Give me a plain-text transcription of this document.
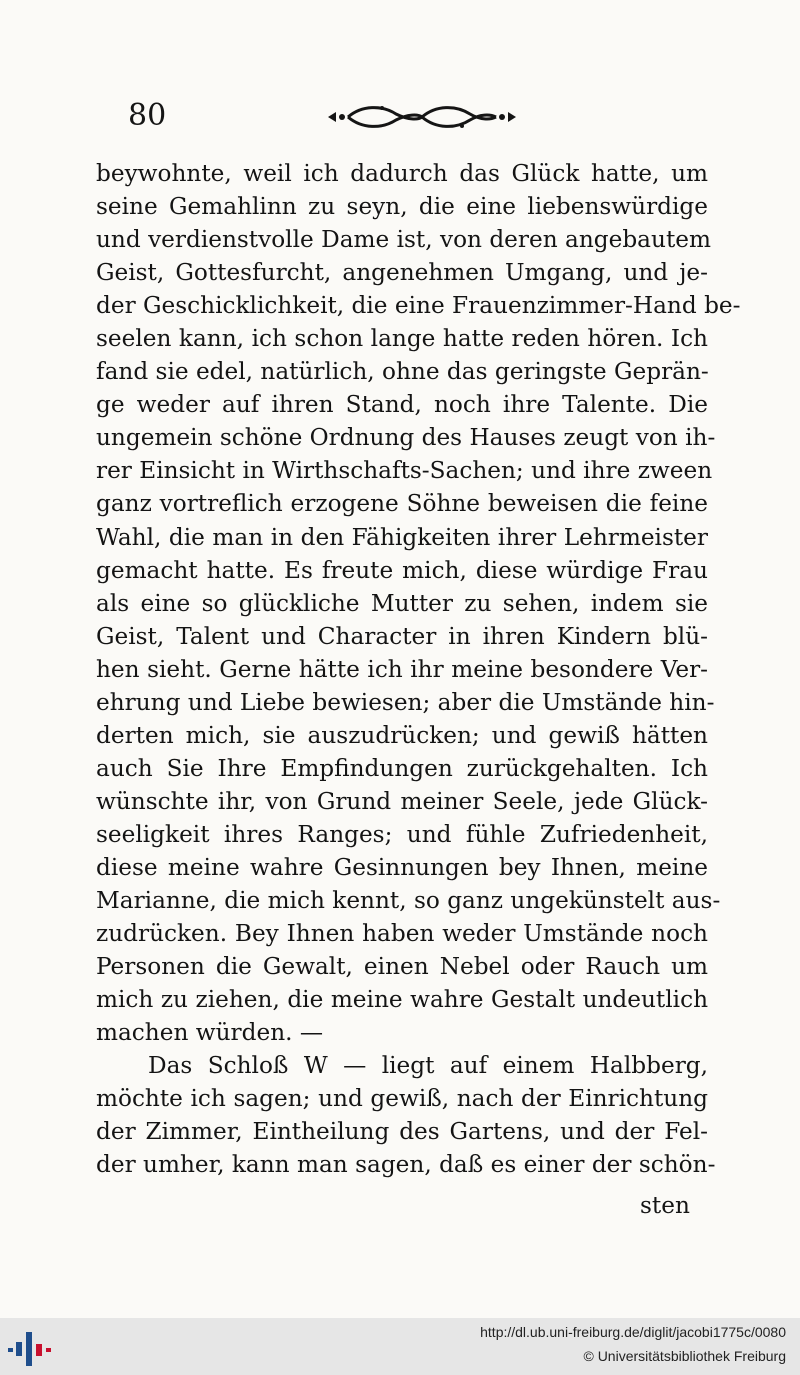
80
beywohnte, weil ich dadurch das Glück hatte, um
seine Gemahlinn zu seyn, die eine liebenswürdige
und verdienstvolle Dame ist, von deren angebautem
Geist, Gottesfurcht, angenehmen Umgang, und je-
der Geschicklichkeit, die eine Frauenzimmer-Hand be-
seelen kann, ich schon lange hatte reden hören. Ich
fand sie edel, natürlich, ohne das geringste Geprän-
ge weder auf ihren Stand, noch ihre Talente. Die
ungemein schöne Ordnung des Hauses zeugt von ih-
rer Einsicht in Wirthschafts-Sachen; und ihre zween
ganz vortreflich erzogene Söhne beweisen die feine
Wahl, die man in den Fähigkeiten ihrer Lehrmeister
gemacht hatte. Es freute mich, diese würdige Frau
als eine so glückliche Mutter zu sehen, indem sie
Geist, Talent und Character in ihren Kindern blü-
hen sieht. Gerne hätte ich ihr meine besondere Ver-
ehrung und Liebe bewiesen; aber die Umstände hin-
derten mich, sie auszudrücken; und gewiß hätten
auch Sie Ihre Empfindungen zurückgehalten. Ich
wünschte ihr, von Grund meiner Seele, jede Glück-
seeligkeit ihres Ranges; und fühle Zufriedenheit,
diese meine wahre Gesinnungen bey Ihnen, meine
Marianne, die mich kennt, so ganz ungekünstelt aus-
zudrücken. Bey Ihnen haben weder Umstände noch
Personen die Gewalt, einen Nebel oder Rauch um
mich zu ziehen, die meine wahre Gestalt undeutlich
machen würden. —
Das Schloß W — liegt auf einem Halbberg,
möchte ich sagen; und gewiß, nach der Einrichtung
der Zimmer, Eintheilung des Gartens, und der Fel-
der umher, kann man sagen, daß es einer der schön-
sten
http://dl.ub.uni-freiburg.de/diglit/jacobi1775c/0080
© Universitätsbibliothek Freiburg
